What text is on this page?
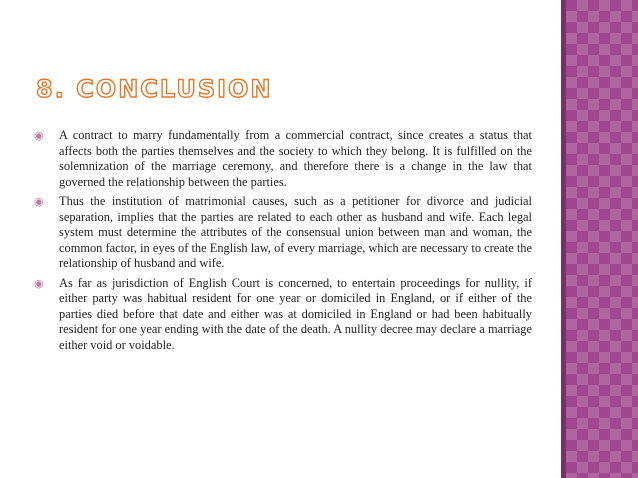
8. CONCLUSION
◉	A contract to marry fundamentally from a commercial contract, since creates a status that affects both the parties themselves and the society to which they belong. It is fulfilled on the solemnization of the marriage ceremony, and therefore there is a change in the law that governed the relationship between the parties.
◉	Thus the institution of matrimonial causes, such as a petitioner for divorce and judicial separation, implies that the parties are related to each other as husband and wife. Each legal system must determine the attributes of the consensual union between man and woman, the common factor, in eyes of the English law, of every marriage, which are necessary to create the relationship of husband and wife.
◉	As far as jurisdiction of English Court is concerned, to entertain proceedings for nullity, if either party was habitual resident for one year or domiciled in England, or if either of the parties died before that date and either was at domiciled in England or had been habitually resident for one year ending with the date of the death. A nullity decree may declare a marriage either void or voidable.
